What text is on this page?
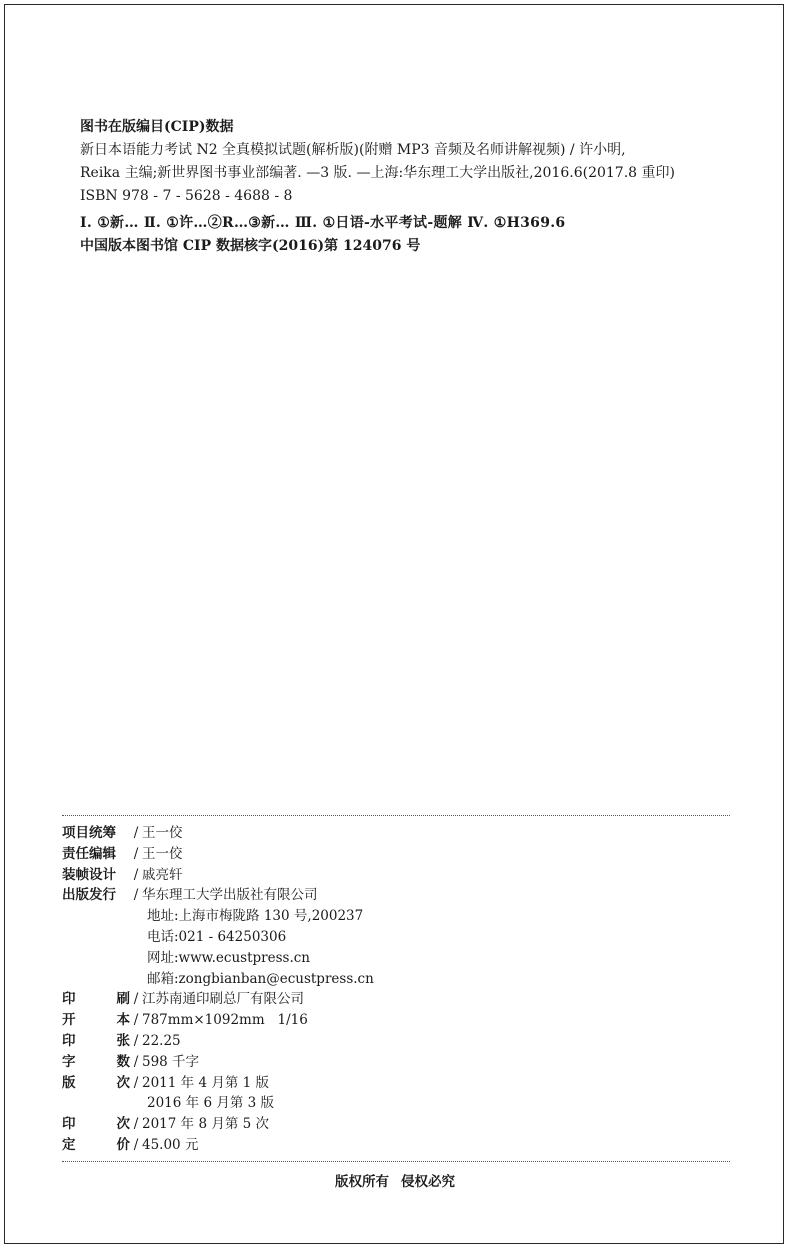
图书在版编目(CIP)数据
新日本语能力考试 N2 全真模拟试题(解析版)(附赠 MP3 音频及名师讲解视频) / 许小明,
Reika 主编;新世界图书事业部编著. —3 版. —上海:华东理工大学出版社,2016.6(2017.8 重印)
ISBN 978 - 7 - 5628 - 4688 - 8
Ⅰ. ①新… Ⅱ. ①许…②R…③新… Ⅲ. ①日语-水平考试-题解 Ⅳ. ①H369.6
中国版本图书馆 CIP 数据核字(2016)第 124076 号
项目统筹	/ 王一佼
责任编辑	/ 王一佼
装帧设计	/ 戚亮轩
出版发行	/ 华东理工大学出版社有限公司
地址:上海市梅陇路 130 号,200237
电话:021 - 64250306
网址:www.ecustpress.cn
邮箱:zongbianban@ecustpress.cn
印	刷 / 江苏南通印刷总厂有限公司
开	本 / 787mm×1092mm   1/16
印	张 / 22.25
字	数 / 598 千字
版	次 / 2011 年 4 月第 1 版
2016 年 6 月第 3 版
印	次 / 2017 年 8 月第 5 次
定	价 / 45.00 元
版权所有 侵权必究
